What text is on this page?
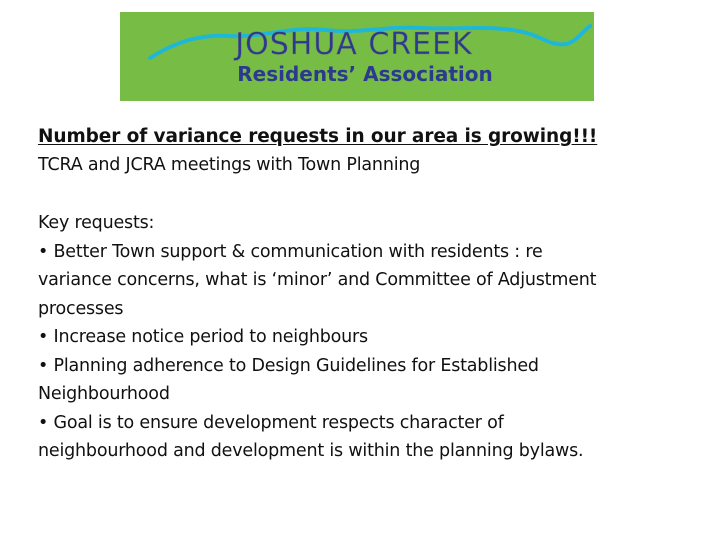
JOSHUA CREEK
Residents’ Association
Number of variance requests in our area is growing!!!
TCRA and JCRA meetings with Town Planning
Key requests:
• Better Town support & communication with residents : re
variance concerns, what is ‘minor’ and Committee of Adjustment
processes
• Increase notice period to neighbours
• Planning adherence to Design Guidelines for Established
Neighbourhood
• Goal is to ensure development respects character of
neighbourhood and development is within the planning bylaws.
